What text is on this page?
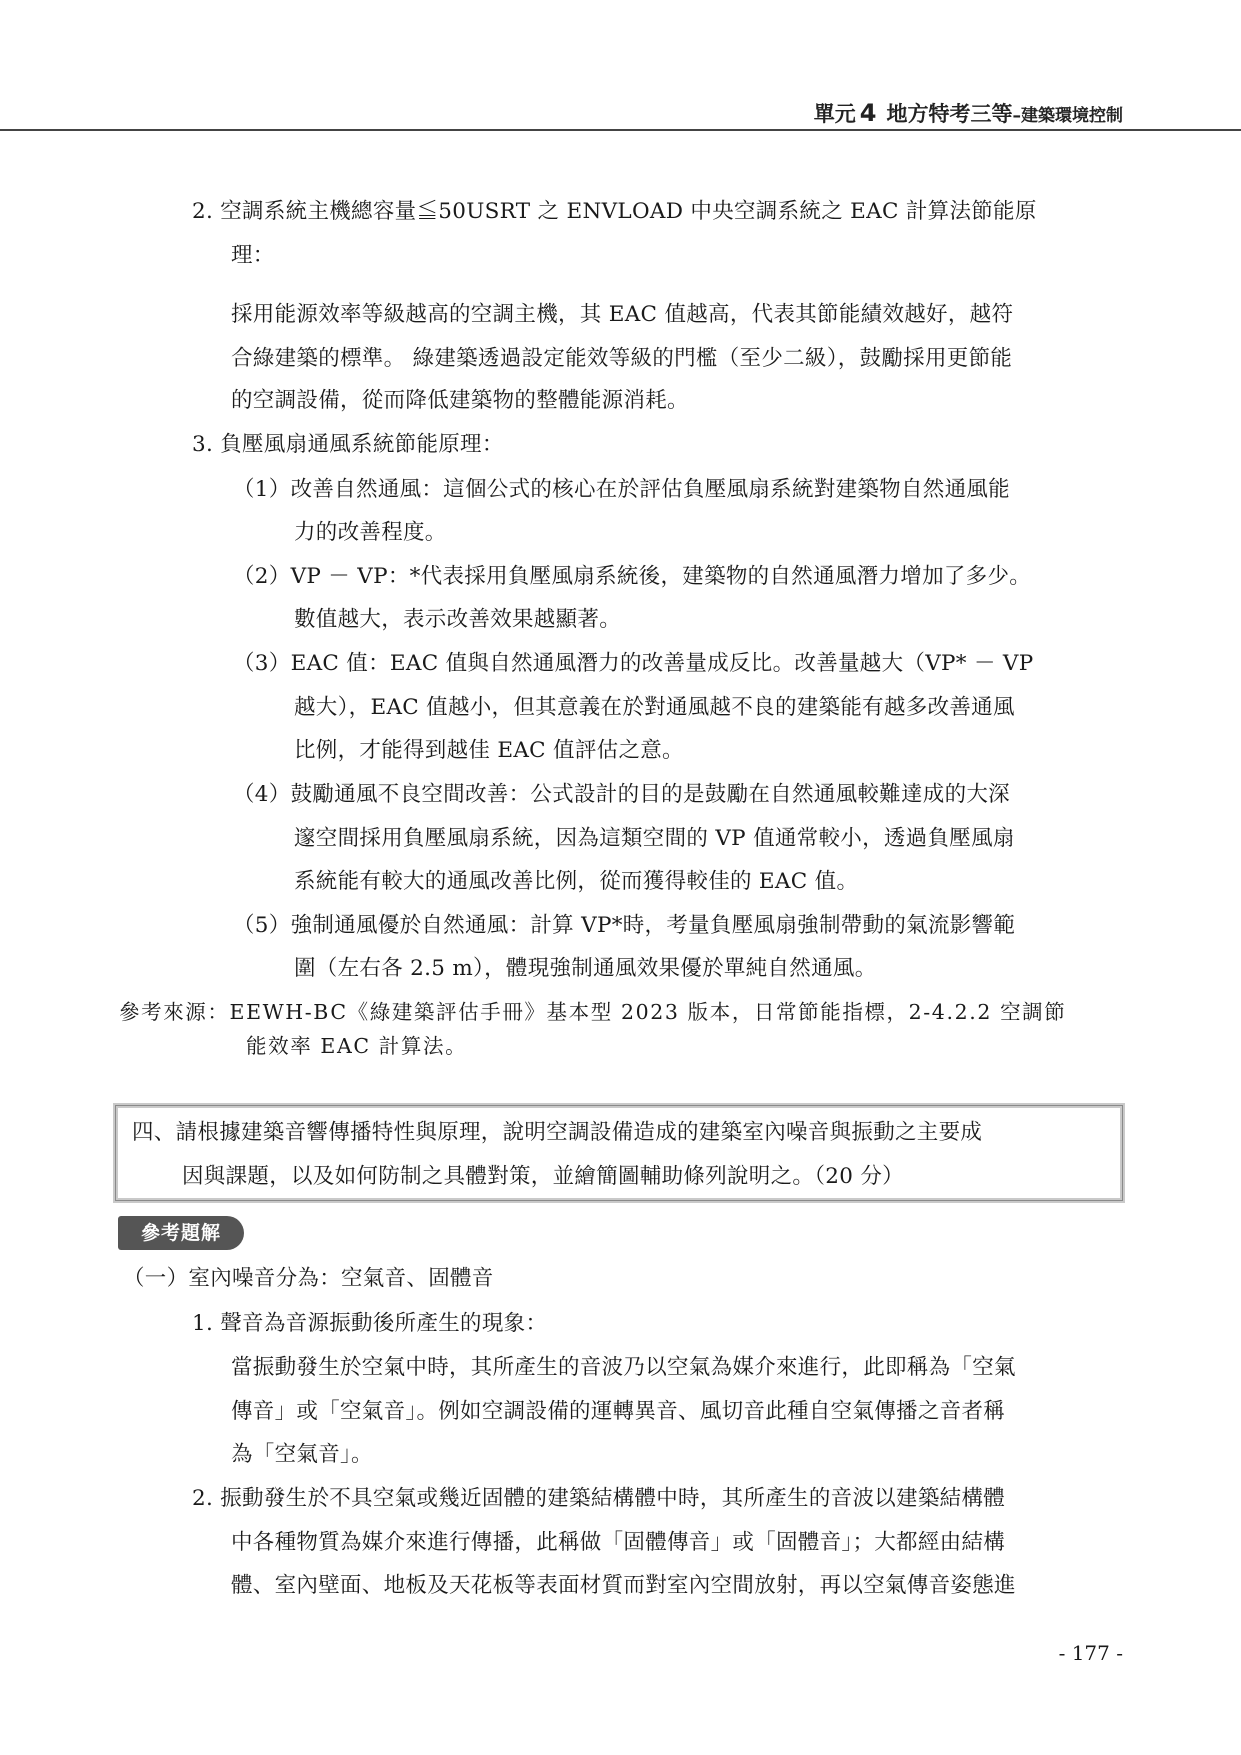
單元 4 地方特考三等–建築環境控制
2. 空調系統主機總容量≦50USRT 之 ENVLOAD 中央空調系統之 EAC 計算法節能原
理：
採用能源效率等級越高的空調主機，其 EAC 值越高，代表其節能績效越好，越符
合綠建築的標準。 綠建築透過設定能效等級的門檻（至少二級），鼓勵採用更節能
的空調設備，從而降低建築物的整體能源消耗。
3. 負壓風扇通風系統節能原理：
（1）改善自然通風：這個公式的核心在於評估負壓風扇系統對建築物自然通風能
力的改善程度。
（2）VP － VP：*代表採用負壓風扇系統後，建築物的自然通風潛力增加了多少。
數值越大，表示改善效果越顯著。
（3）EAC 值：EAC 值與自然通風潛力的改善量成反比。改善量越大（VP* － VP
越大），EAC 值越小，但其意義在於對通風越不良的建築能有越多改善通風
比例，才能得到越佳 EAC 值評估之意。
（4）鼓勵通風不良空間改善：公式設計的目的是鼓勵在自然通風較難達成的大深
邃空間採用負壓風扇系統，因為這類空間的 VP 值通常較小，透過負壓風扇
系統能有較大的通風改善比例，從而獲得較佳的 EAC 值。
（5）強制通風優於自然通風：計算 VP*時，考量負壓風扇強制帶動的氣流影響範
圍（左右各 2.5 m），體現強制通風效果優於單純自然通風。
參考來源：EEWH-BC《綠建築評估手冊》基本型 2023 版本，日常節能指標，2-4.2.2 空調節
能效率 EAC 計算法。
四、請根據建築音響傳播特性與原理，說明空調設備造成的建築室內噪音與振動之主要成
因與課題，以及如何防制之具體對策，並繪簡圖輔助條列說明之。（20 分）
參考題解
（一）室內噪音分為：空氣音、固體音
1. 聲音為音源振動後所產生的現象：
當振動發生於空氣中時，其所產生的音波乃以空氣為媒介來進行，此即稱為「空氣
傳音」或「空氣音」。例如空調設備的運轉異音、風切音此種自空氣傳播之音者稱
為「空氣音」。
2. 振動發生於不具空氣或幾近固體的建築結構體中時，其所產生的音波以建築結構體
中各種物質為媒介來進行傳播，此稱做「固體傳音」或「固體音」；大都經由結構
體、室內壁面、地板及天花板等表面材質而對室內空間放射，再以空氣傳音姿態進
- 177 -
